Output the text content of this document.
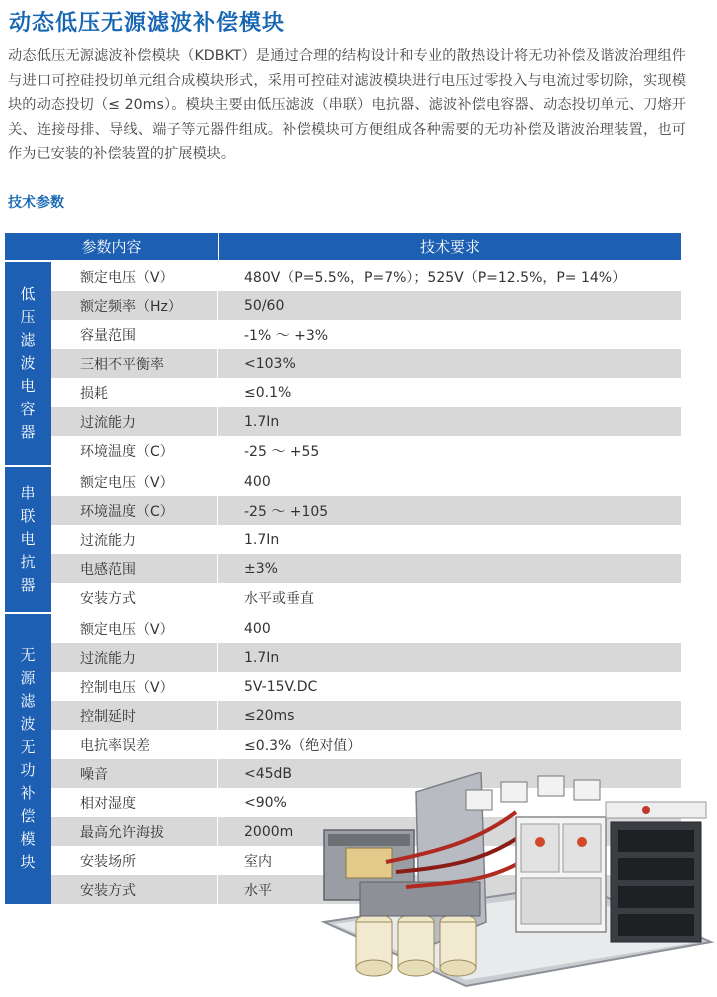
动态低压无源滤波补偿模块

动态低压无源滤波补偿模块（KDBKT）是通过合理的结构设计和专业的散热设计将无功补偿及谐波治理组件与进口可控硅投切单元组合成模块形式，采用可控硅对滤波模块进行电压过零投入与电流过零切除，实现模块的动态投切（≤ 20ms）。模块主要由低压滤波（串联）电抗器、滤波补偿电容器、动态投切单元、刀熔开关、连接母排、导线、端子等元器件组成。补偿模块可方便组成各种需要的无功补偿及谐波治理装置，也可作为已安装的补偿装置的扩展模块。

技术参数
参数内容	技术要求
低
压
滤
波
电
容
器
额定电压（V）	480V（P=5.5%，P=7%）；525V（P=12.5%，P= 14%）
额定频率（Hz）	50/60
容量范围	-1% ～ +3%
三相不平衡率	<103%
损耗	≤0.1%
过流能力	1.7In
环境温度（C）	-25 ～ +55
串
联
电
抗
器
额定电压（V）	400
环境温度（C）	-25 ～ +105
过流能力	1.7In
电感范围	±3%
安装方式	水平或垂直
无
源
滤
波
无
功
补
偿
模
块
额定电压（V）	400
过流能力	1.7In
控制电压（V）	5V-15V.DC
控制延时	≤20ms
电抗率误差	≤0.3%（绝对值）
噪音	<45dB
相对湿度	<90%
最高允许海拔	2000m
安装场所	室内
安装方式	水平
